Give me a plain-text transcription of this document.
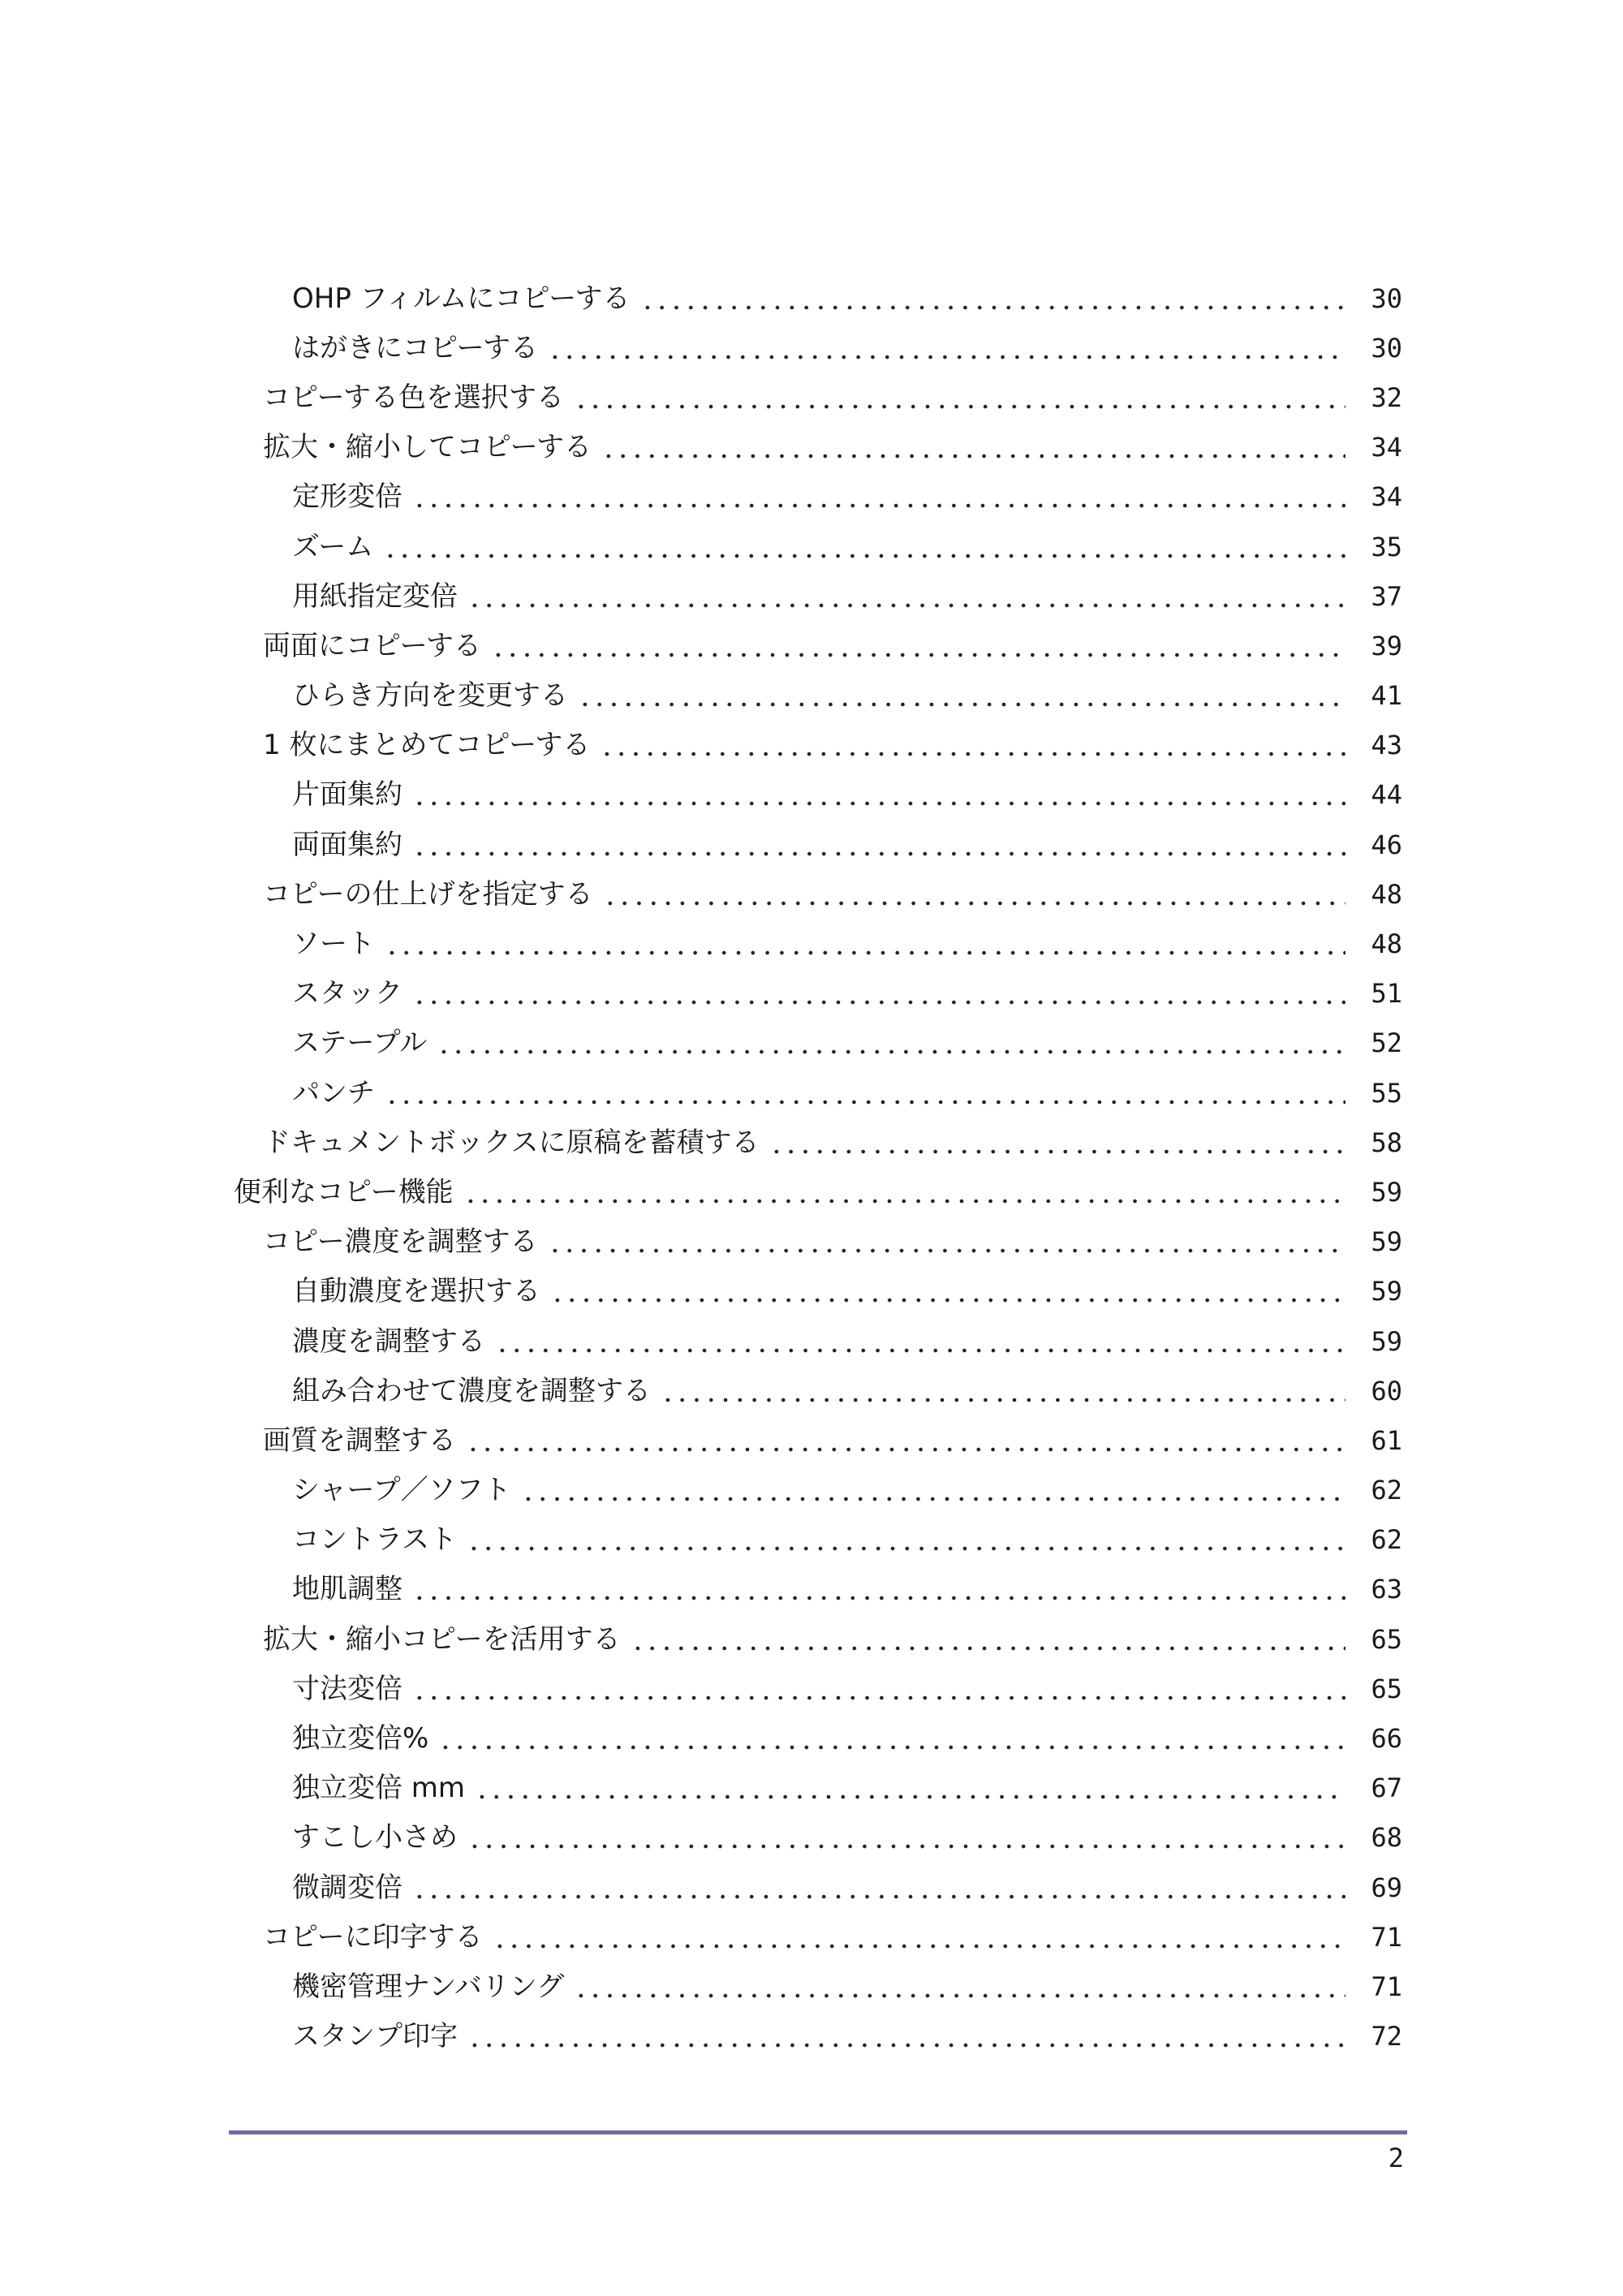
OHP フィルムにコピーする	30
はがきにコピーする	30
コピーする色を選択する	32
拡大・縮小してコピーする	34
定形変倍	34
ズーム	35
用紙指定変倍	37
両面にコピーする	39
ひらき方向を変更する	41
1 枚にまとめてコピーする	43
片面集約	44
両面集約	46
コピーの仕上げを指定する	48
ソート	48
スタック	51
ステープル	52
パンチ	55
ドキュメントボックスに原稿を蓄積する	58
便利なコピー機能	59
コピー濃度を調整する	59
自動濃度を選択する	59
濃度を調整する	59
組み合わせて濃度を調整する	60
画質を調整する	61
シャープ／ソフト	62
コントラスト	62
地肌調整	63
拡大・縮小コピーを活用する	65
寸法変倍	65
独立変倍%	66
独立変倍 mm	67
すこし小さめ	68
微調変倍	69
コピーに印字する	71
機密管理ナンバリング	71
スタンプ印字	72
2
